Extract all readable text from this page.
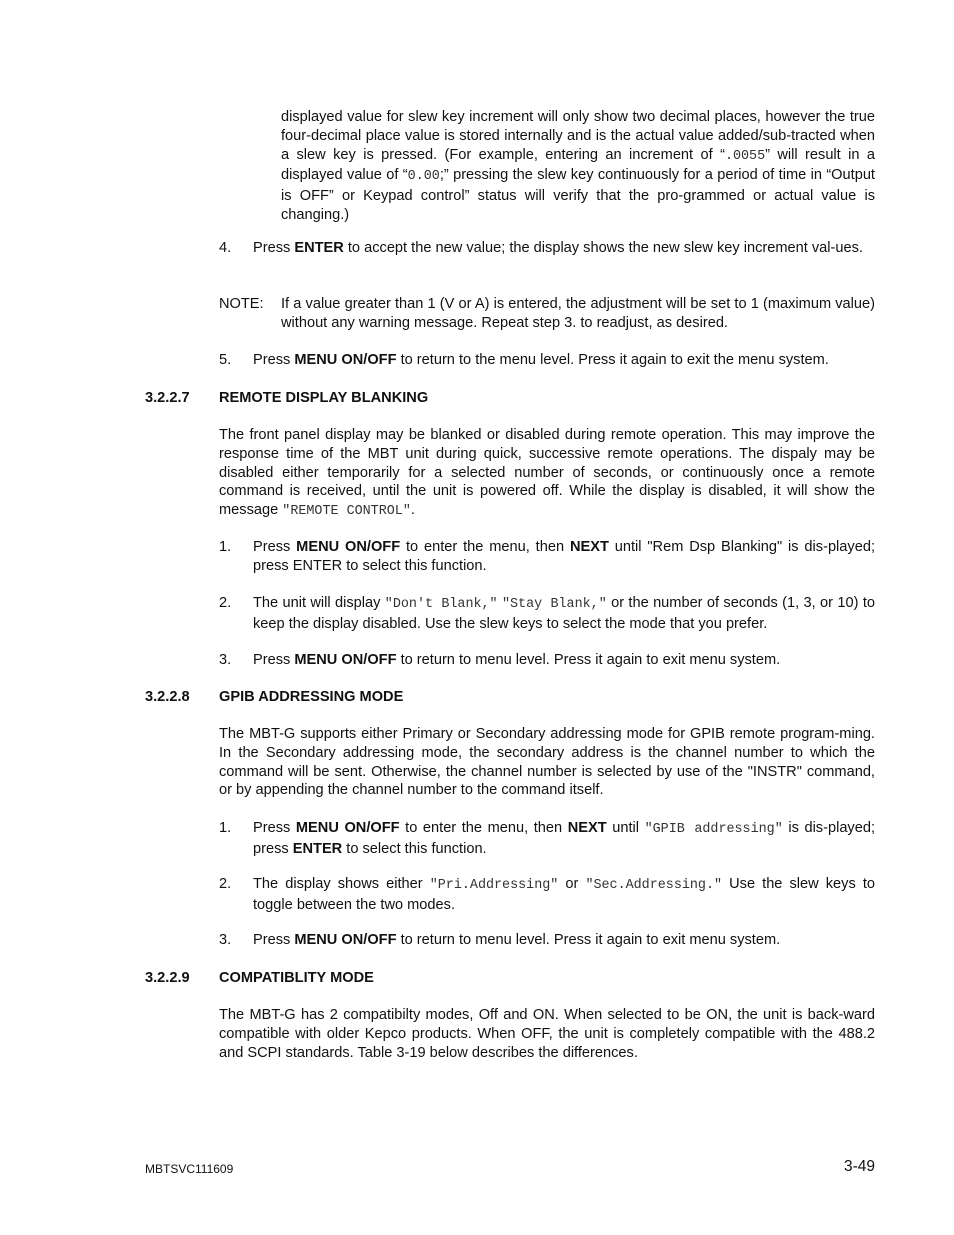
displayed value for slew key increment will only show two decimal places, however the true four-decimal place value is stored internally and is the actual value added/sub-tracted when a slew key is pressed. (For example, entering an increment of “.0055” will result in a displayed value of “0.00;” pressing the slew key continuously for a period of time in “Output is OFF” or Keypad control” status will verify that the pro-grammed or actual value is changing.)
4. Press ENTER to accept the new value; the display shows the new slew key increment val-ues.
NOTE: If a value greater than 1 (V or A) is entered, the adjustment will be set to 1 (maximum value) without any warning message. Repeat step 3. to readjust, as desired.
5. Press MENU ON/OFF to return to the menu level. Press it again to exit the menu system.
3.2.2.7 REMOTE DISPLAY BLANKING
The front panel display may be blanked or disabled during remote operation. This may improve the response time of the MBT unit during quick, successive remote operations. The dispaly may be disabled either temporarily for a selected number of seconds, or continuously once a remote command is received, until the unit is powered off. While the display is disabled, it will show the message "REMOTE CONTROL".
1. Press MENU ON/OFF to enter the menu, then NEXT until "Rem Dsp Blanking" is dis-played; press ENTER to select this function.
2. The unit will display "Don't Blank," "Stay Blank," or the number of seconds (1, 3, or 10) to keep the display disabled. Use the slew keys to select the mode that you prefer.
3. Press MENU ON/OFF to return to menu level. Press it again to exit menu system.
3.2.2.8 GPIB ADDRESSING MODE
The MBT-G supports either Primary or Secondary addressing mode for GPIB remote program-ming. In the Secondary addressing mode, the secondary address is the channel number to which the command will be sent. Otherwise, the channel number is selected by use of the "INSTR" command, or by appending the channel number to the command itself.
1. Press MENU ON/OFF to enter the menu, then NEXT until "GPIB addressing" is dis-played; press ENTER to select this function.
2. The display shows either "Pri.Addressing" or "Sec.Addressing." Use the slew keys to toggle between the two modes.
3. Press MENU ON/OFF to return to menu level. Press it again to exit menu system.
3.2.2.9 COMPATIBLITY MODE
The MBT-G has 2 compatibilty modes, Off and ON. When selected to be ON, the unit is back-ward compatible with older Kepco products. When OFF, the unit is completely compatible with the 488.2 and SCPI standards. Table 3-19 below describes the differences.
MBTSVC111609	3-49
